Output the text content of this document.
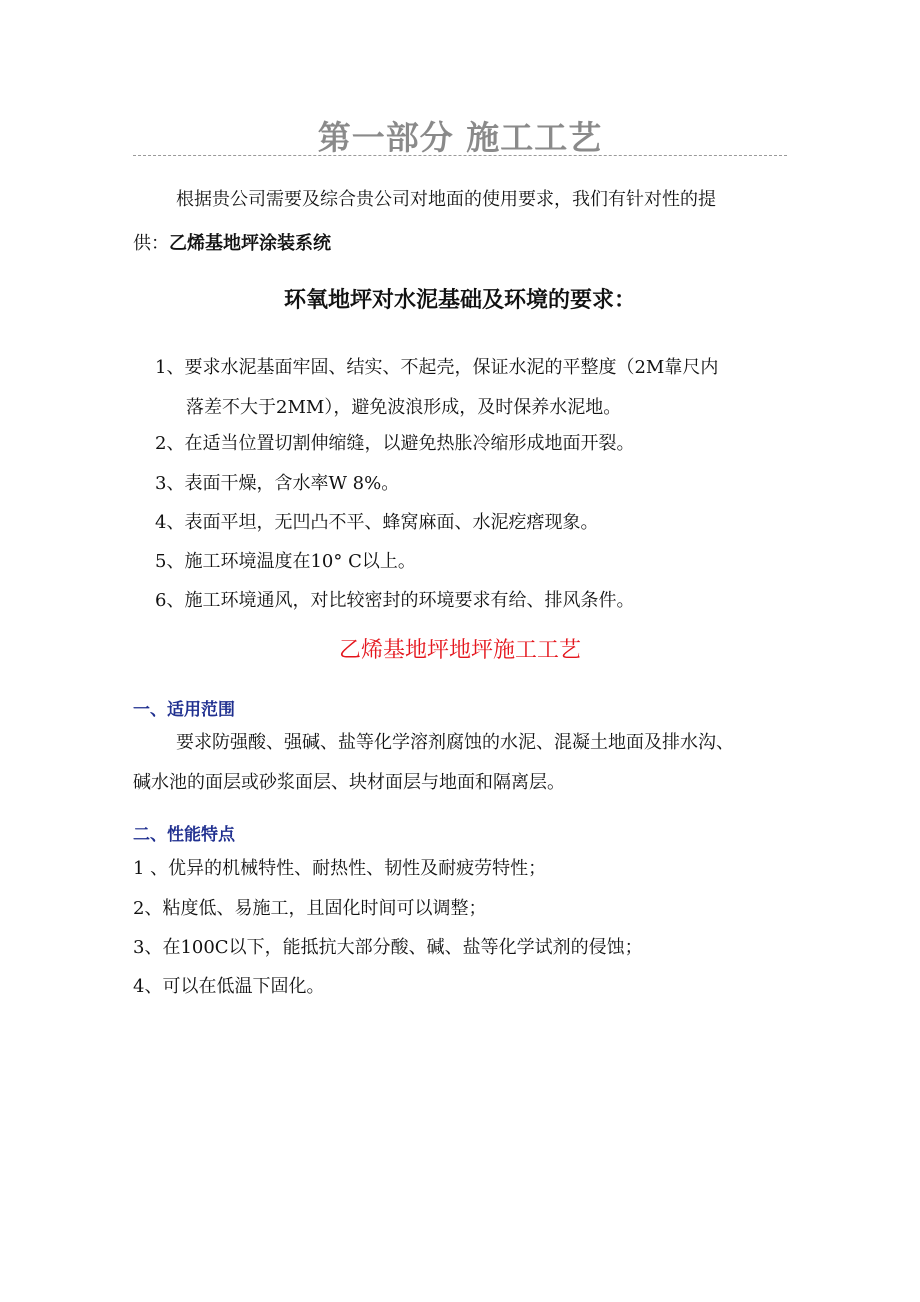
第一部分 施工工艺
根据贵公司需要及综合贵公司对地面的使用要求，我们有针对性的提
供：乙烯基地坪涂装系统
环氧地坪对水泥基础及环境的要求：
1、要求水泥基面牢固、结实、不起壳，保证水泥的平整度（2M靠尺内
落差不大于2MM），避免波浪形成，及时保养水泥地。
2、在适当位置切割伸缩缝，以避免热胀冷缩形成地面开裂。
3、表面干燥，含水率W 8%。
4、表面平坦，无凹凸不平、蜂窝麻面、水泥疙瘩现象。
5、施工环境温度在10° C以上。
6、施工环境通风，对比较密封的环境要求有给、排风条件。
乙烯基地坪地坪施工工艺
一、适用范围
要求防强酸、强碱、盐等化学溶剂腐蚀的水泥、混凝土地面及排水沟、
碱水池的面层或砂浆面层、块材面层与地面和隔离层。
二、性能特点
1 、优异的机械特性、耐热性、韧性及耐疲劳特性；
2、粘度低、易施工，且固化时间可以调整；
3、在100C以下，能抵抗大部分酸、碱、盐等化学试剂的侵蚀；
4、可以在低温下固化。
